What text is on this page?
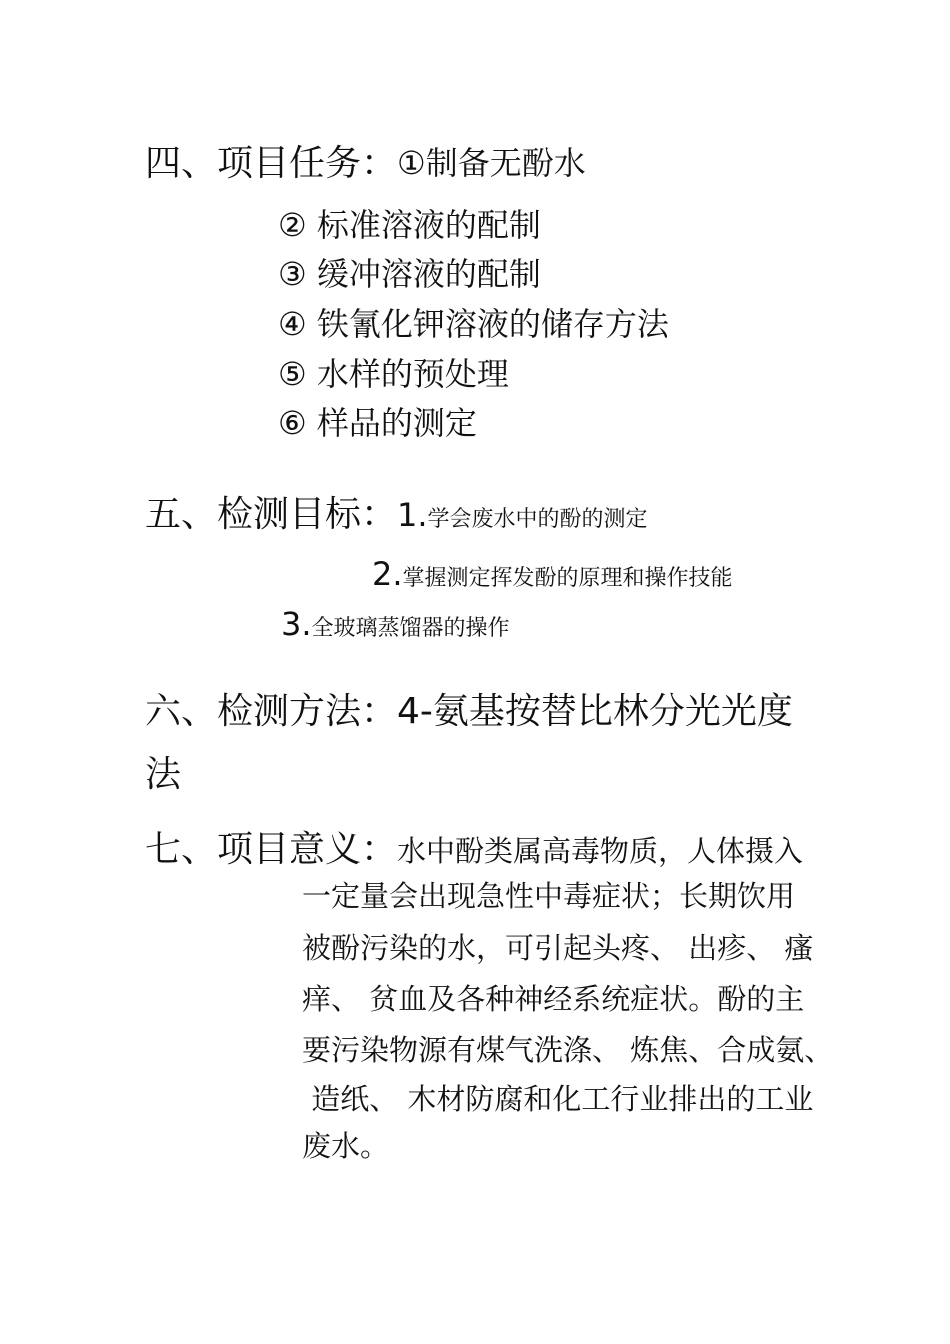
四、项目任务：①制备无酚水
② 标准溶液的配制
③ 缓冲溶液的配制
④ 铁氰化钾溶液的储存方法
⑤ 水样的预处理
⑥ 样品的测定
五、检测目标：1.学会废水中的酚的测定
2.掌握测定挥发酚的原理和操作技能
3.全玻璃蒸馏器的操作
六、检测方法：4-氨基按替比林分光光度
法
七、项目意义：水中酚类属高毒物质，人体摄入
一定量会出现急性中毒症状；长期饮用
被酚污染的水，可引起头疼、 出疹、 瘙
痒、 贫血及各种神经系统症状。酚的主
要污染物源有煤气洗涤、 炼焦、合成氨、
造纸、 木材防腐和化工行业排出的工业
废水。
